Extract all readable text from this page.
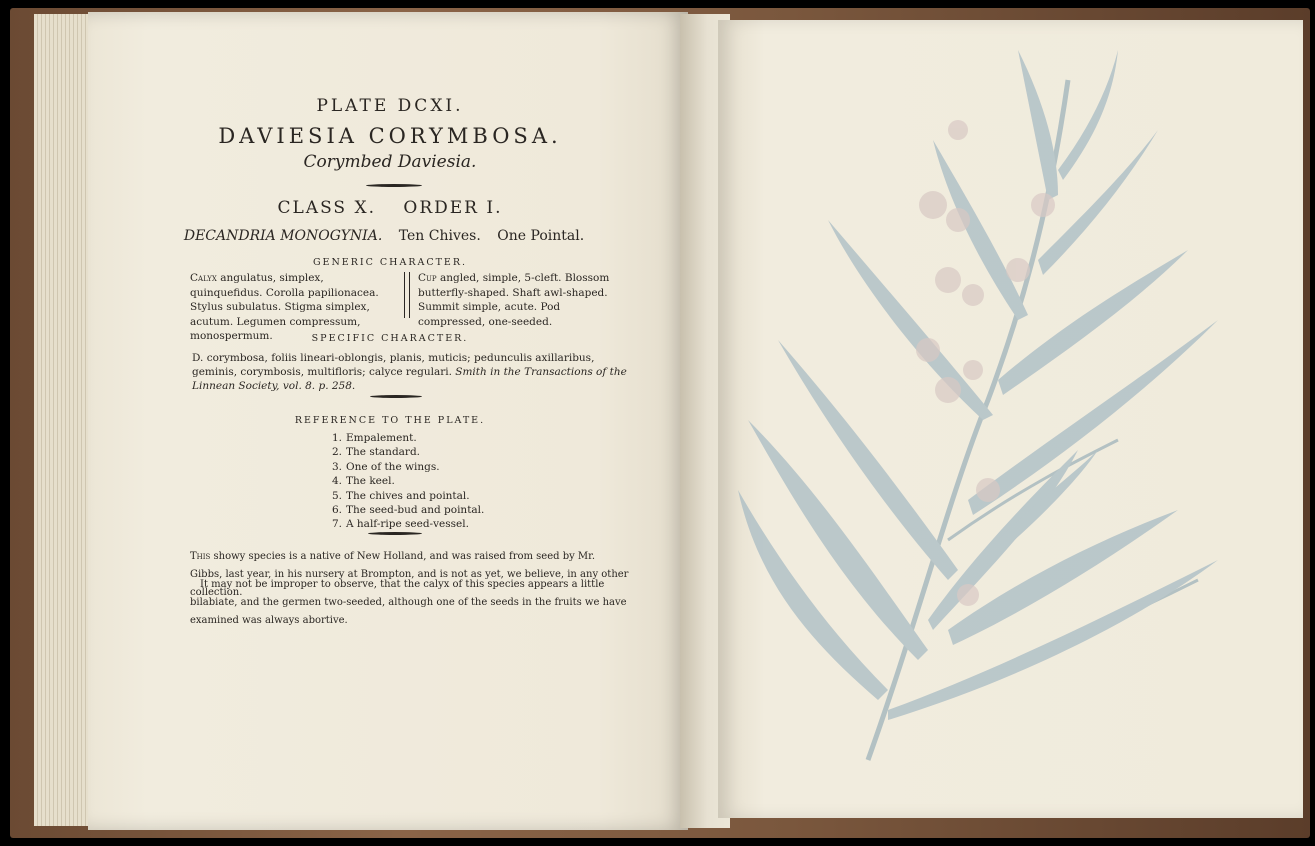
PLATE DCXI.
DAVIESIA CORYMBOSA.
Corymbed Daviesia.
CLASS X. ORDER I.
DECANDRIA MONOGYNIA. Ten Chives. One Pointal.
GENERIC CHARACTER.
Calyx angulatus, simplex, quinquefidus. Corolla papilionacea. Stylus subulatus. Stigma simplex, acutum. Legumen compressum, monospermum.
Cup angled, simple, 5-cleft. Blossom butterfly-shaped. Shaft awl-shaped. Summit simple, acute. Pod compressed, one-seeded.
SPECIFIC CHARACTER.
D. corymbosa, foliis lineari-oblongis, planis, muticis; pedunculis axillaribus, geminis, corymbosis, multifloris; calyce regulari. Smith in the Transactions of the Linnean Society, vol. 8. p. 258.
REFERENCE TO THE PLATE.
1. Empalement.
2. The standard.
3. One of the wings.
4. The keel.
5. The chives and pointal.
6. The seed-bud and pointal.
7. A half-ripe seed-vessel.
This showy species is a native of New Holland, and was raised from seed by Mr. Gibbs, last year, in his nursery at Brompton, and is not as yet, we believe, in any other collection.
It may not be improper to observe, that the calyx of this species appears a little bilabiate, and the germen two-seeded, although one of the seeds in the fruits we have examined was always abortive.
